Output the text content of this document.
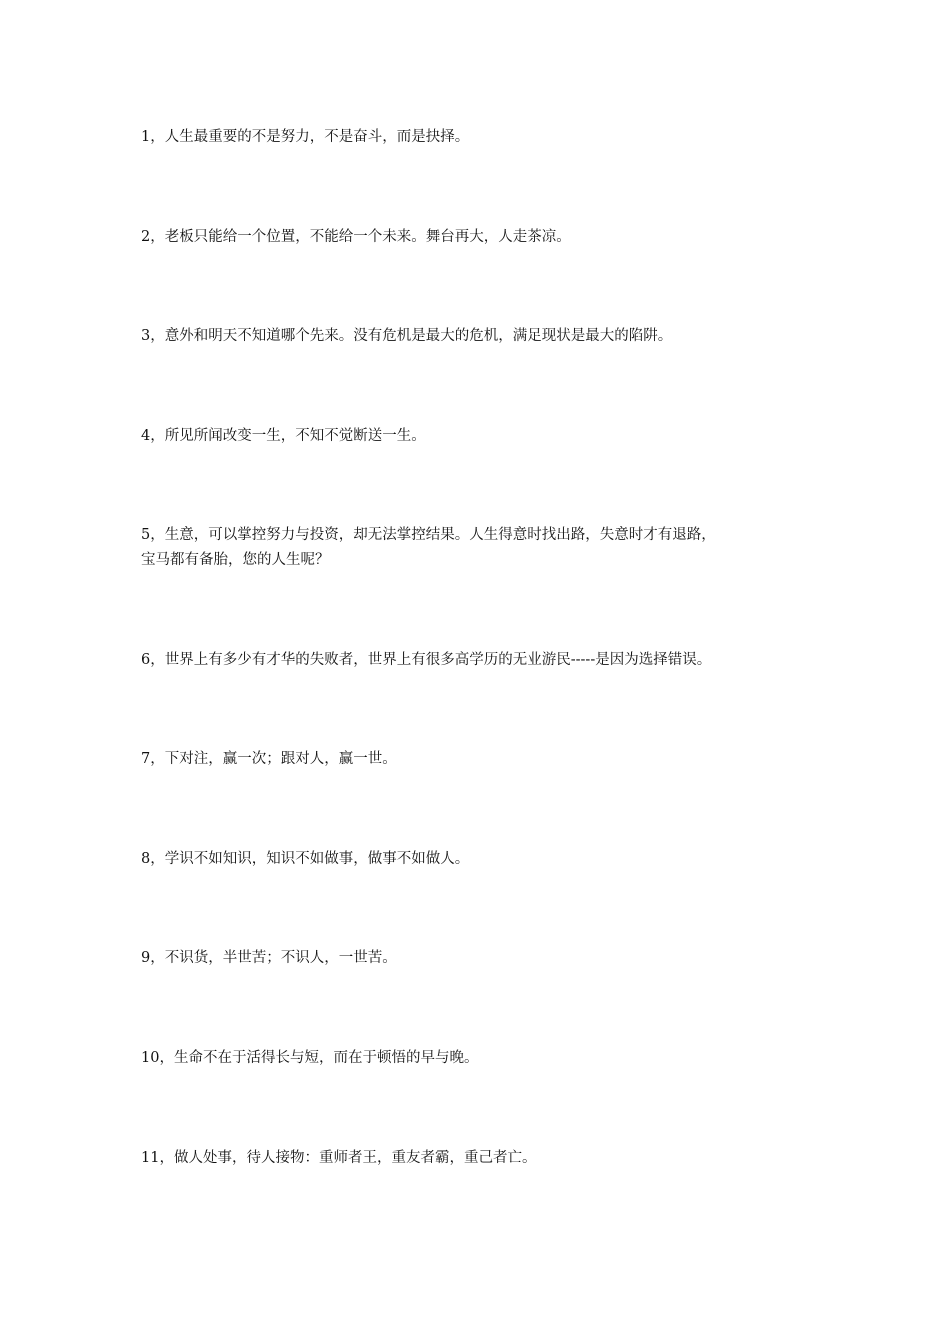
1，人生最重要的不是努力，不是奋斗，而是抉择。

2，老板只能给一个位置，不能给一个未来。舞台再大，人走茶凉。

3，意外和明天不知道哪个先来。没有危机是最大的危机，满足现状是最大的陷阱。

4，所见所闻改变一生，不知不觉断送一生。

5，生意，可以掌控努力与投资，却无法掌控结果。人生得意时找出路，失意时才有退路，
宝马都有备胎，您的人生呢？

6，世界上有多少有才华的失败者，世界上有很多高学历的无业游民-----是因为选择错误。

7，下对注，赢一次；跟对人，赢一世。

8，学识不如知识，知识不如做事，做事不如做人。

9，不识货，半世苦；不识人，一世苦。

10，生命不在于活得长与短，而在于顿悟的早与晚。

11，做人处事，待人接物：重师者王，重友者霸，重己者亡。
